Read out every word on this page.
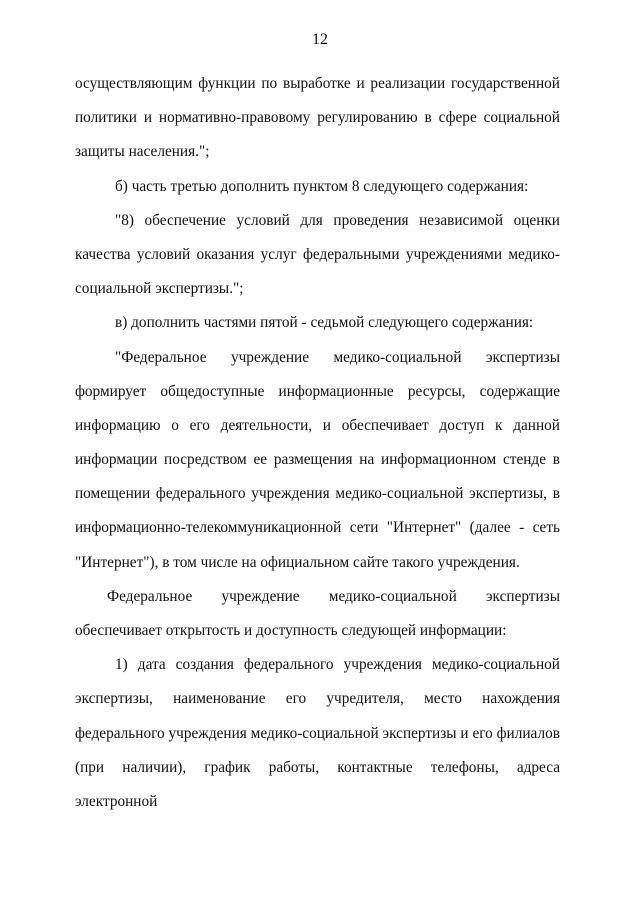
12
осуществляющим функции по выработке и реализации государственной
политики и нормативно-правовому регулированию в сфере социальной
защиты населения.";
б) часть третью дополнить пунктом 8 следующего содержания:
"8) обеспечение условий для проведения независимой оценки
качества условий оказания услуг федеральными учреждениями медико-
социальной экспертизы.";
в) дополнить частями пятой - седьмой следующего содержания:
"Федеральное учреждение медико-социальной экспертизы
формирует общедоступные информационные ресурсы, содержащие
информацию о его деятельности, и обеспечивает доступ к данной
информации посредством ее размещения на информационном стенде в
помещении федерального учреждения медико-социальной экспертизы, в
информационно-телекоммуникационной сети "Интернет" (далее - сеть
"Интернет"), в том числе на официальном сайте такого учреждения.
Федеральное учреждение медико-социальной экспертизы
обеспечивает открытость и доступность следующей информации:
1) дата создания федерального учреждения медико-социальной
экспертизы, наименование его учредителя, место нахождения
федерального учреждения медико-социальной экспертизы и его филиалов
(при наличии), график работы, контактные телефоны, адреса электронной
